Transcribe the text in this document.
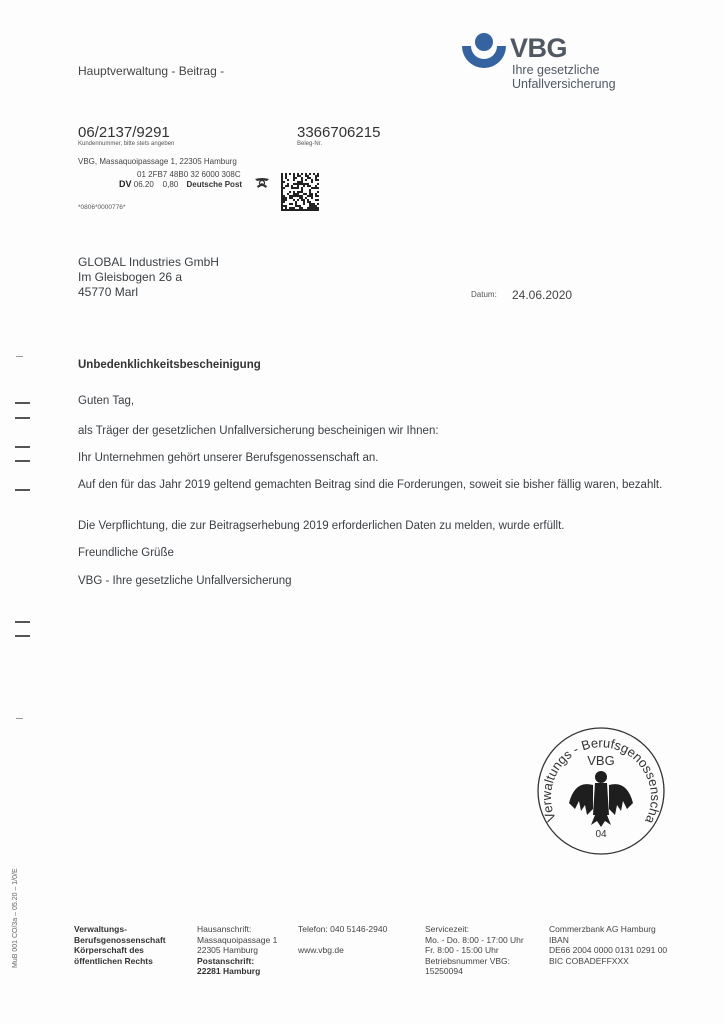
Hauptverwaltung - Beitrag -
VBG
Ihre gesetzliche
Unfallversicherung
06/2137/9291
Kundennummer, bitte stets angeben
3366706215
Beleg-Nr.
VBG, Massaquoipassage 1, 22305 Hamburg
01 2FB7 48B0 32 6000 308C
DV 06.20 0,80 Deutsche Post
*0806*0000776*
GLOBAL Industries GmbH
Im Gleisbogen 26 a
45770 Marl	Datum: 24.06.2020
Unbedenklichkeitsbescheinigung
Guten Tag,
als Träger der gesetzlichen Unfallversicherung bescheinigen wir Ihnen:
Ihr Unternehmen gehört unserer Berufsgenossenschaft an.
Auf den für das Jahr 2019 geltend gemachten Beitrag sind die Forderungen, soweit sie bisher fällig waren, bezahlt.
Die Verpflichtung, die zur Beitragserhebung 2019 erforderlichen Daten zu melden, wurde erfüllt.
Freundliche Grüße
VBG - Ihre gesetzliche Unfallversicherung
Verwaltungs - Berufsgenossenscha
VBG
04
Verwaltungs-
Berufsgenossenschaft
Körperschaft des
öffentlichen Rechts
Hausanschrift:
Massaquoipassage 1
22305 Hamburg
Postanschrift:
22281 Hamburg
Telefon: 040 5146-2940

www.vbg.de
Servicezeit:
Mo. - Do. 8:00 - 17:00 Uhr
Fr. 8:00 - 15:00 Uhr
Betriebsnummer VBG:
15250094
Commerzbank AG Hamburg
IBAN
DE66 2004 0000 0131 0291 00
BIC COBADEFFXXX
MuB 001 CO/3a – 05.20 – 1/0/E
